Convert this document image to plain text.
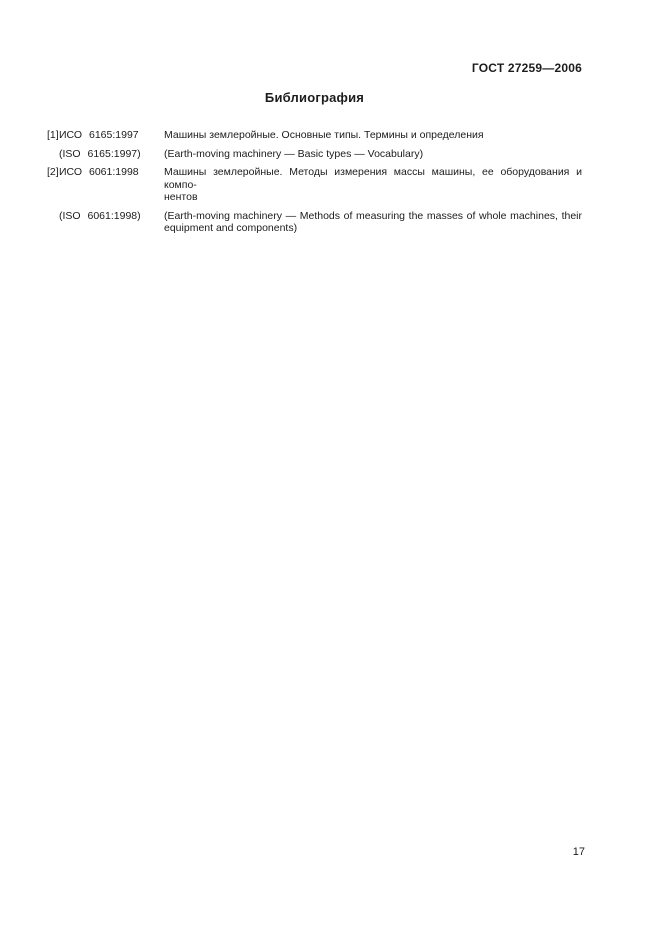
ГОСТ 27259—2006
Библиография
[1] ИСО 6165:1997	Машины землеройные. Основные типы. Термины и определения
(ISO 6165:1997)	(Earth-moving machinery — Basic types — Vocabulary)
[2] ИСО 6061:1998	Машины землеройные. Методы измерения массы машины, ее оборудования и компо-
нентов
(ISO 6061:1998)	(Earth-moving machinery — Methods of measuring the masses of whole machines, their
equipment and components)
17
